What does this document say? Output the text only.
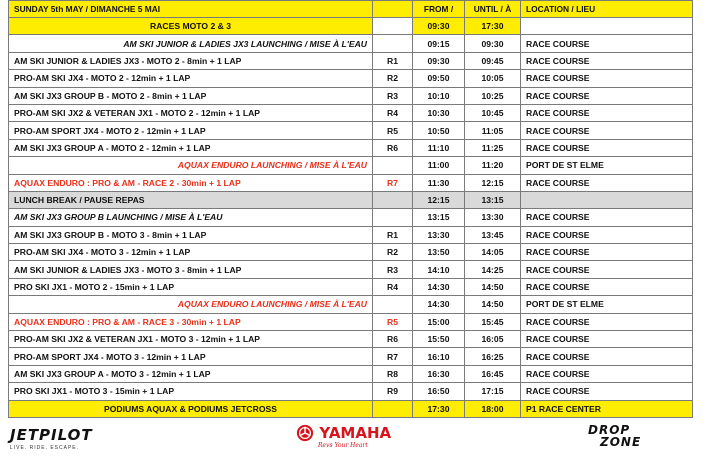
SUNDAY 5th MAY / DIMANCHE 5 MAI		FROM /	UNTIL / À	LOCATION / LIEU
RACES MOTO 2 & 3		09:30	17:30	
AM SKI JUNIOR & LADIES JX3 LAUNCHING / MISE À L'EAU		09:15	09:30	RACE COURSE
AM SKI JUNIOR & LADIES JX3 - MOTO 2 - 8min + 1 LAP	R1	09:30	09:45	RACE COURSE
PRO-AM SKI JX4 - MOTO 2 - 12min + 1 LAP	R2	09:50	10:05	RACE COURSE
AM SKI JX3 GROUP B - MOTO 2 - 8min + 1 LAP	R3	10:10	10:25	RACE COURSE
PRO-AM SKI JX2 & VETERAN JX1 - MOTO 2 - 12min + 1 LAP	R4	10:30	10:45	RACE COURSE
PRO-AM SPORT JX4 - MOTO 2 - 12min + 1 LAP	R5	10:50	11:05	RACE COURSE
AM SKI JX3 GROUP A - MOTO 2 - 12min + 1 LAP	R6	11:10	11:25	RACE COURSE
AQUAX ENDURO LAUNCHING / MISE À L'EAU		11:00	11:20	PORT DE ST ELME
AQUAX ENDURO : PRO & AM - RACE 2 - 30min + 1 LAP	R7	11:30	12:15	RACE COURSE
LUNCH BREAK / PAUSE REPAS		12:15	13:15	
AM SKI JX3 GROUP B LAUNCHING / MISE À L'EAU		13:15	13:30	RACE COURSE
AM SKI JX3 GROUP B - MOTO 3 - 8min + 1 LAP	R1	13:30	13:45	RACE COURSE
PRO-AM SKI JX4 - MOTO 3 - 12min + 1 LAP	R2	13:50	14:05	RACE COURSE
AM SKI JUNIOR & LADIES JX3 - MOTO 3 - 8min + 1 LAP	R3	14:10	14:25	RACE COURSE
PRO SKI JX1 - MOTO 2 - 15min + 1 LAP	R4	14:30	14:50	RACE COURSE
AQUAX ENDURO LAUNCHING / MISE À L'EAU		14:30	14:50	PORT DE ST ELME
AQUAX ENDURO : PRO & AM - RACE 3 - 30min + 1 LAP	R5	15:00	15:45	RACE COURSE
PRO-AM SKI JX2 & VETERAN JX1 - MOTO 3 - 12min + 1 LAP	R6	15:50	16:05	RACE COURSE
PRO-AM SPORT JX4 - MOTO 3 - 12min + 1 LAP	R7	16:10	16:25	RACE COURSE
AM SKI JX3 GROUP A - MOTO 3 - 12min + 1 LAP	R8	16:30	16:45	RACE COURSE
PRO SKI JX1 - MOTO 3 - 15min + 1 LAP	R9	16:50	17:15	RACE COURSE
PODIUMS AQUAX & PODIUMS JETCROSS		17:30	18:00	P1 RACE CENTER
JETPILOT
LIVE. RIDE. ESCAPE.
YAMAHA
Revs Your Heart
DROP
ZONE
